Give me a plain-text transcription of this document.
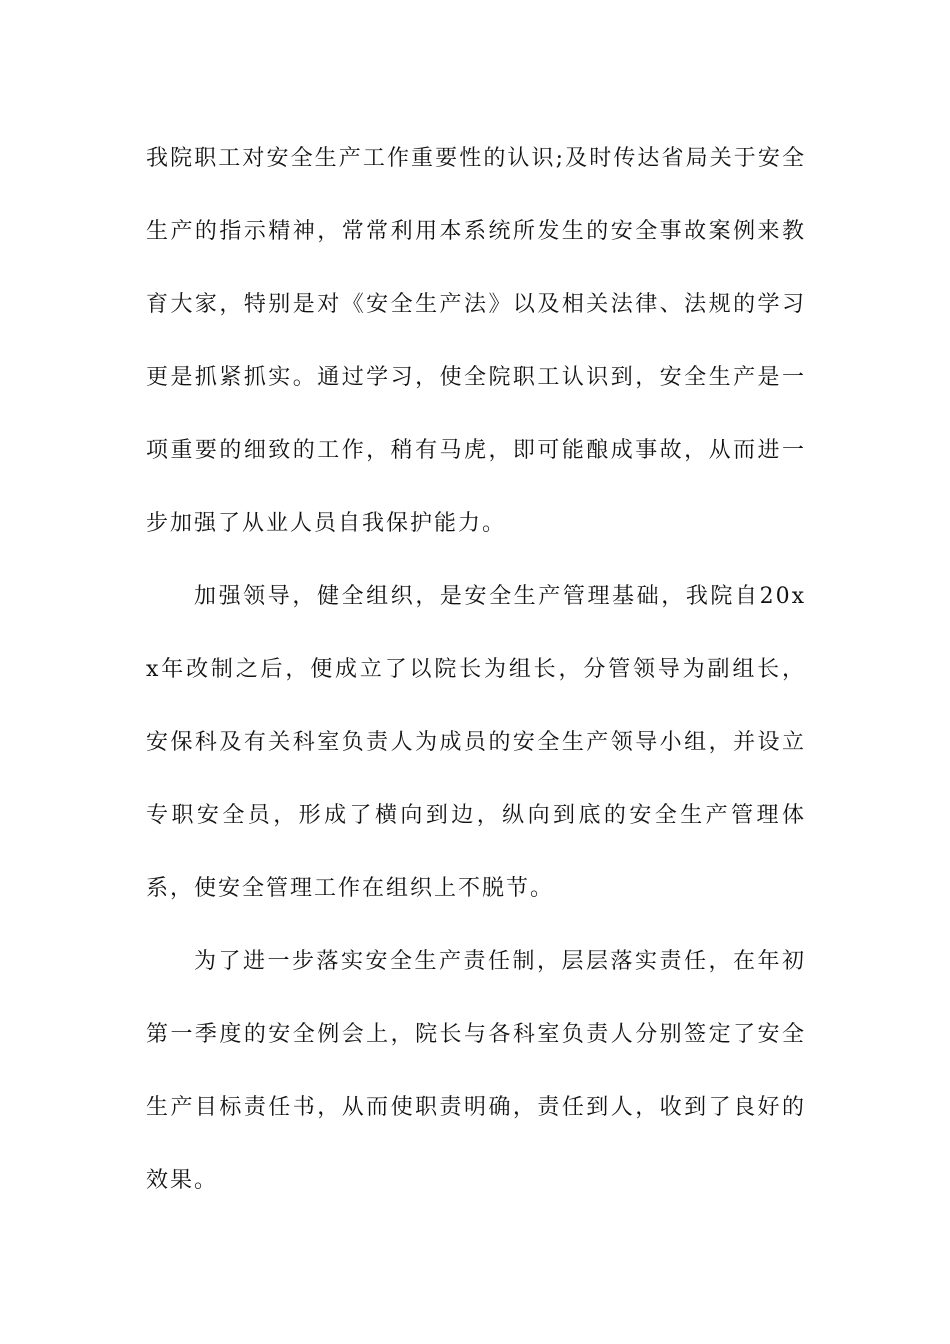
我院职工对安全生产工作重要性的认识;及时传达省局关于安全生产的指示精神，常常利用本系统所发生的安全事故案例来教育大家，特别是对《安全生产法》以及相关法律、法规的学习更是抓紧抓实。通过学习，使全院职工认识到，安全生产是一项重要的细致的工作，稍有马虎，即可能酿成事故，从而进一步加强了从业人员自我保护能力。

加强领导，健全组织，是安全生产管理基础，我院自20xx年改制之后，便成立了以院长为组长，分管领导为副组长，安保科及有关科室负责人为成员的安全生产领导小组，并设立专职安全员，形成了横向到边，纵向到底的安全生产管理体系，使安全管理工作在组织上不脱节。

为了进一步落实安全生产责任制，层层落实责任，在年初第一季度的安全例会上，院长与各科室负责人分别签定了安全生产目标责任书，从而使职责明确，责任到人，收到了良好的效果。
